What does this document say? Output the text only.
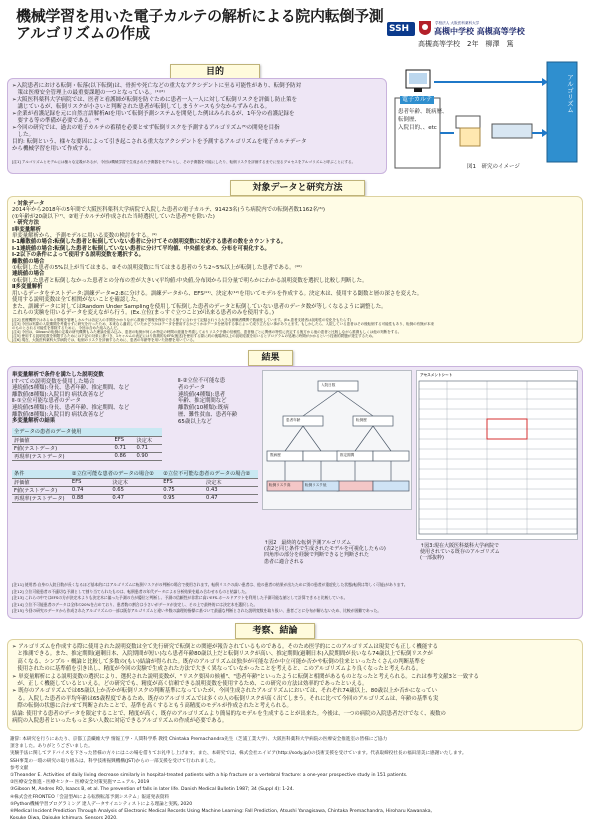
機械学習を用いた電子カルテの解析による院内転倒予測
アルゴリズムの作成	SSH
学校法人 大阪医科薬科大学
高槻中学校 高槻高等学校
高槻高等学校　2年　柳澤　篤
目的

➢入院患者における転倒・転落(以下転倒)は、骨折や死亡などの重大なアクシデントに至る可能性があり、転倒予防対

　策は医療安全管理上の最重要課題の一つとなっている。⁽¹⁾⁽²⁾

➢大阪医科薬科大学病院では、医者と看護師が転倒を防ぐために患者一人一人に対して転倒リスクを評価し防止策を

　講じているが、転倒リスクが小さいと判断された患者が転倒してしまうケースも少なからずみられる。

➢企業が看護記録を元に自然言語解析AIを用いて転倒予測システムを開発した例はみられるが、1年分の看護記録を

　要する等の準備が必要である。⁽⁴⁾

➢今回の研究では、過去の電子カルテの蓄積を必要とせず転倒リスクを予測するアルゴリズム⁽⁵⁾の開発を目指

　した。

目的: 転倒という、様々な要因によって引き起こされる重大なアクシデントを予測するアルゴリズムを電子カルテデータ

から機械学習を用いて作成する。

[注1] アルゴリズムとモデルには様々な定義があるが、今回は機械学習で生成された予測器をモデルとし、その予測器を可能にしたり、転倒リスクを評価するまでに至るプロセスをアルゴリズムと呼ぶことにする。
アルゴリズム
電子カルテ

患者年齢、既病歴、

転倒歴、

入院目的、、etc

図1　研究のイメージ
対象データと研究方法

・対象データ

2014年から2018年の5年間で大阪医科薬科大学病院で入院した患者の電子カルテ、91423名(うち病院内での転倒者数1162名⁽⁶⁾)

(①年齢が20歳以下⁽⁷⁾、②電子カルテが作成された当時選択していた患者⁽⁸⁾を除いた)

・研究方法

Ⅰ単変量解析

単変量解析から、予測モデルに用いる変数の検討をする。⁽⁹⁾

Ⅰ-1離散値の場合:転倒した患者と転倒していない患者に分けてその説明変数に対応する患者の数をカウントする。

Ⅰ-1連続値の場合:転倒した患者と転倒していない患者に分けて平均値、中央値を求め、分布を可視化する。

Ⅰ-2以下の条件によって使用する説明変数を選択する。

離散値の場合

①転倒した患者の5%以上が当てはまる、②その説明変数に当てはまる患者のうち2~5%以上が転倒した患者である。⁽¹⁰⁾

連続値の場合

①転倒した患者と転倒しなかった患者との分布の差が大きい(平均値:中央値,分布図から目分量で明らかにわかる説明変数を選択し比較し判断した。

Ⅱ多変量解析

用いるデータをテストデータ:訓練データ=2:8に分ける。訓練データから、EFS⁽¹¹⁾、決定木⁽¹²⁾を用いてモデルを作成する。決定木は、使用する閾数と層の深さを変えた。

使用する説明変数は全て相関がないことを確認した。

また、訓練データに対してはRandom Under Samplingを使用して転倒した患者のデータと転倒していない患者のデータ数が等しくなるように調整した。

これらの実験を用いるデータを変えながら行う。(Ex.立位(まっすぐ立つこと)が出来る患者のみを使用する。)

[注2] 医療機関ではあらゆる情報を管理しカルテは各記入の手間をかかりながら数値で情報を保存できる様子に合わせて記録されうる大きな被験者機関で数値化しています。(Ex.患者支援者は説明性の変化をもたらす)

[注3] 今回は実際の入院期間を考慮せずに研究を行ったため、本来なら適切していたかどうかはデータを使用するかどうかはデータを使用する事によって成り立たない事がありえます。もしかしたら、入院している患者はその後転倒する可能性もあり、転倒の有無が本来

のものとされる可能性を排除するために、今回は含めた組み込んだ。

[注4] 今回は、Gibsonの転倒の定義の研究機関もみた理論を組み込み、患者の転倒が何らか特定の時間の経過を考慮しておりリスク予測の信頼性、患者様ごとに関係の特性に決定する後方から他の患者と比較しながら推測もしくは他の判断をする。

[注5] 使用する説明変数を制限するためには下記の対象に基づき、1キャルムの表記にはり推測的なEFS(後述)を使用する際に約の後場所以上の説明変数を用いるとプログラムの処理に時間がかかるという技術的問題が発生するため。

[注6] 現在、大阪医科薬科大学病院では、転倒のリスクを評価するために、患者の年齢等を用いた指標を用いている。

結果

単変量解析で条件を満たした説明変数

Ⅰすべての説明変数を使用した場合

連続値(5種類):身長、患者年齢、推定期間、など

離散値(8種類):入院目的 病状改善など

Ⅱ-①立位可能な患者のデータ

連続値(5種類):身長、患者年齢、推定期間、など

離散値(8種類):入院目的 病状改善など

多変量解析の結果

Ⅱ-②立位不可能な患

者のデータ

連続値(4種類):患者

年齢、推定期間など

離散値(10種類):既病

歴、難性貧血、患者年齢

65歳以上など

全データの患者のデータ使用		
評価値	EFS	決定木
F値(テストデータ)	0.71	0.71
再現率(テストデータ)	0.86	0.90
条件	②立位可能な患者のデータの場合②		②立位不可能な患者のデータの場合②	
評価値	EFS	決定木	EFS	決定木
F値(テストデータ)	0.74	0.65	0.75	0.43
再現率(テストデータ)	0.88	0.47	0.95	0.47
入院日数
患者年齢	転倒歴
既病歴	推定期間
転倒リスク高	転倒リスク低

↑図2　最終的な転倒予測アルゴリズム

(表2と同じ条件で生成されたモデルを可視化したもの)

四角形の部分を経験で判断できると判断された

患者に適合される

アセスメントシート

↑図3:現在大阪医科薬科大学病院で

使用されている既存のアルゴリズム

(一部抜粋)

[注11] 使用者:自身の入院日数が長くなるほど基本的にはアルゴリズムに転倒リスクがの判断の場合で使用されます。転倒リスクの高い患者は、他の患者の結果が出たために別の患者が重症化した状態(転倒は等しく可能)があります。

[注12] 立位可能患者の不適切な予測として割り当てられたものは、転倒患者の年代データによる分析結果を組み合わせるものと結論した。

[注13] これらの中ではEFSの方が決定木よりも決定木に偏った予測の方が優位と判断し、予測の信頼性が非常に高いEFS-ホールドアウトを利用した予測可能な値として計算できると比較している。

[注14] 立位不可能患者のデータは全体の20%を占めており、患者数の割合は小さいがデータが安定し、その上で最終的には決定木を選択した。

[注15] 今回の研究のデータから作成されたアルゴリズムの一部は既存アルゴリズムと違い多数の論理的指標に基づいて最適な判断とされた説明変数を取り扱い、患者ごとに分布が解らないため、比較が困難であった。

考察、結論

➢ アルゴリズムを作成する際に使用された説明変数は全て先行研究で転倒との関連が報告されているものである。そのため医学的にこのアルゴリズムは現実でも正しく機能する

　と推測できる。また、推定期間(過剰日本、入院期間が短い)なら患者年齢80歳以上だと転倒リスクが高い、推定期間(過剰日本)入院期間が長いなら74歳以上で転倒リスクが

　高くなる、シンプル・概論と比較して多数の(もい)結論が得られた。既存のアルゴリズムは独歩が可能な否か中立可能か否かや転倒の往来といったたくさんの判断基準を

　使用されたのに基準値を引き出し、精度が今回の実験で生成された方法で大きく異なっていなかったことを考えると、このアルゴリズムより良くなったと考えられる。

➢ 単変量解析による説明変数の選択により、選択された説明変数が、"リスク要因の候補"、"患者年齢"といったように転倒と相関があるものとなったと考えられる。これは参考文献3と一致する

　が、正しく機能しているといえる。どの研究でも、精度が高く信頼できる説明変数を使用するため、この研究の方法は効率的であったといえる。

➢ 既存のアルゴリズムでは65歳以上か否かが転倒リスクの判断基準になっていたが、今回生成されたアルゴリズムにおいては、それぞれ74歳以上、80歳以上か否かになってい

　る。入院した患者の平均年齢は65歳程度であるため、既存のアルゴリズムでは多くの人の転倒リスクが高く出てしまう。それに比べて今回のアルゴリズムは、年齢の基準も実

　際の転倒の状態に合わせて判断されたことで、基準を高くするともう高精度のモデルが作成されたと考えられる。

結論: 使用する患者のデータを限定することで、精度が高く、既存のアルゴリズムより簡易的なモデルを生成することが出来た。今後は、一つの病院の入院患者だけでなく、複数の

病院の入院患者といったもっと多い人数に対応できるアルゴリズムの作成が必要である。

謝辞: 本研究を行うにあたり、京都工芸繊維大学 情報工学・人間科学系 教授 Chintaka Premachandra先生（芝浦工業大学）、大阪医科薬科大学病院の医療安全推進室の皆様にご協力

頂きました。ありがとうございました。

実験手法に関してアドバイスを下さった皆様の方々にはこの場を借りてお礼申し上げます。また、本研究では、株式会社エイピア(http://sody.jp/)の技術支援を受けています。代表取締役社長の福田清美に感謝いたします。

SSH事業の一環の研究の取り組みは、科学技術振興機構(JST)からの一部支援を受けて行われました。

参考文献

①Theander E. Activities of daily living decrease similarly in hospital-treated patients with a hip fracture or a vertebral fracture: a one-year prospective study in 151 patients.

②医療安全推進・医療センター 医療安全対策実施マニュアル, 2019

③Gibson M, Andres RO, Isaacs B, et al. The prevention of falls in later life. Danish Medical Bulletin 1987; 34 (Suppl 4): 1-24.

④株式会社FRONTEO「会話型AIによる転倒転落予測システム」報道発表資料

⑤Python機械学習プログラミング 達人データサイエンティストによる理論と実践, 2020

⑥Medical Incident Prediction Through Analysis of Electronic Medical Records Using Machine Learning: Fall Prediction, Atsushi Yanagisawa, Chintaka Premachandra, Hiroharu Kawanaka,

Kosuke Oiwa, Daisuke Ichimura. Sensors 2020.
